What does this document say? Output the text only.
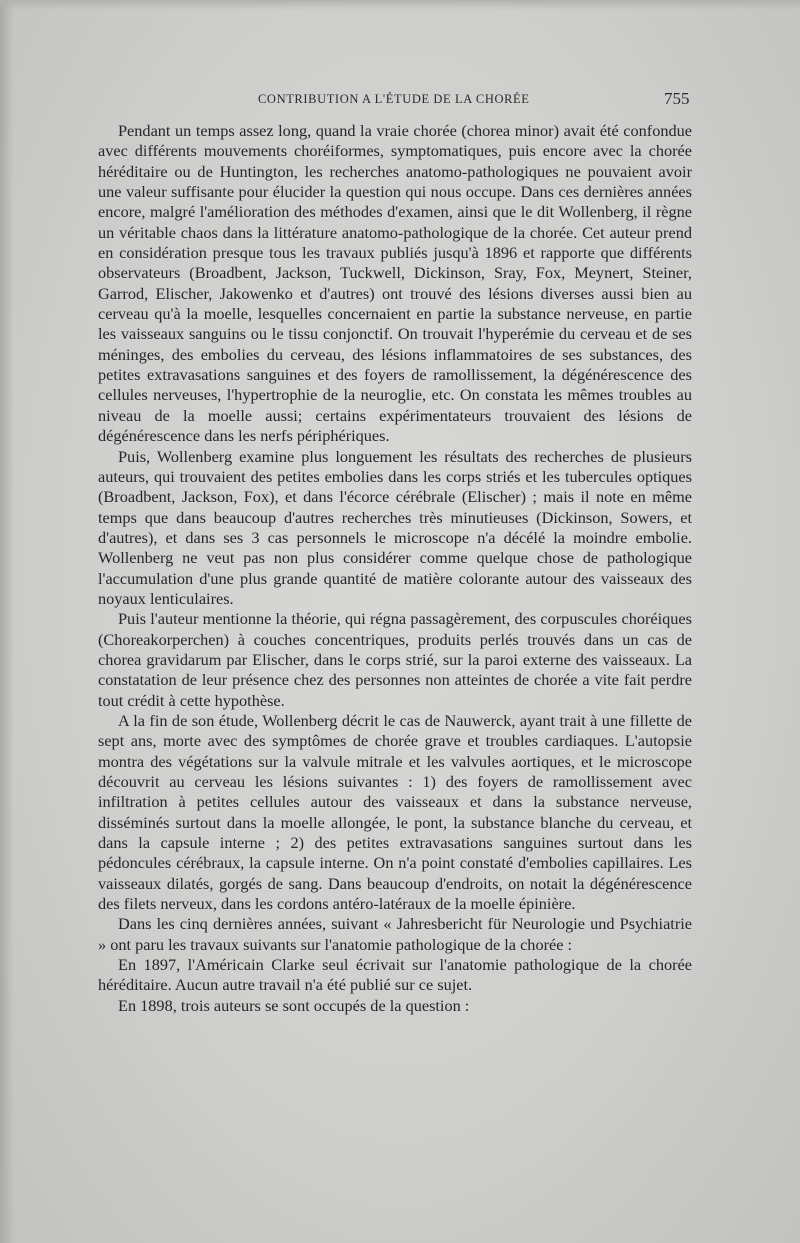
CONTRIBUTION A L'ÉTUDE DE LA CHORÉE	755

Pendant un temps assez long, quand la vraie chorée (chorea minor) avait été confondue avec différents mouvements choréiformes, symptomatiques, puis encore avec la chorée héréditaire ou de Huntington, les recherches anatomo-pathologiques ne pouvaient avoir une valeur suffisante pour élucider la question qui nous occupe. Dans ces dernières années encore, malgré l'amélioration des méthodes d'examen, ainsi que le dit Wollenberg, il règne un véritable chaos dans la littérature anatomo-pathologique de la chorée. Cet auteur prend en considération presque tous les travaux publiés jusqu'à 1896 et rapporte que différents observateurs (Broadbent, Jackson, Tuckwell, Dickinson, Sray, Fox, Meynert, Steiner, Garrod, Elischer, Jakowenko et d'autres) ont trouvé des lésions diverses aussi bien au cerveau qu'à la moelle, lesquelles concernaient en partie la substance nerveuse, en partie les vaisseaux sanguins ou le tissu conjonctif. On trouvait l'hyperémie du cerveau et de ses méninges, des embolies du cerveau, des lésions inflammatoires de ses substances, des petites extravasations sanguines et des foyers de ramollissement, la dégénérescence des cellules nerveuses, l'hypertrophie de la neuroglie, etc. On constata les mêmes troubles au niveau de la moelle aussi; certains expérimentateurs trouvaient des lésions de dégénérescence dans les nerfs périphériques.

Puis, Wollenberg examine plus longuement les résultats des recherches de plusieurs auteurs, qui trouvaient des petites embolies dans les corps striés et les tubercules optiques (Broadbent, Jackson, Fox), et dans l'écorce cérébrale (Elischer) ; mais il note en même temps que dans beaucoup d'autres recherches très minutieuses (Dickinson, Sowers, et d'autres), et dans ses 3 cas personnels le microscope n'a décélé la moindre embolie. Wollenberg ne veut pas non plus considérer comme quelque chose de pathologique l'accumulation d'une plus grande quantité de matière colorante autour des vaisseaux des noyaux lenticulaires.

Puis l'auteur mentionne la théorie, qui régna passagèrement, des corpuscules choréiques (Choreakorperchen) à couches concentriques, produits perlés trouvés dans un cas de chorea gravidarum par Elischer, dans le corps strié, sur la paroi externe des vaisseaux. La constatation de leur présence chez des personnes non atteintes de chorée a vite fait perdre tout crédit à cette hypothèse.

A la fin de son étude, Wollenberg décrit le cas de Nauwerck, ayant trait à une fillette de sept ans, morte avec des symptômes de chorée grave et troubles cardiaques. L'autopsie montra des végétations sur la valvule mitrale et les valvules aortiques, et le microscope découvrit au cerveau les lésions suivantes : 1) des foyers de ramollissement avec infiltration à petites cellules autour des vaisseaux et dans la substance nerveuse, disséminés surtout dans la moelle allongée, le pont, la substance blanche du cerveau, et dans la capsule interne ; 2) des petites extravasations sanguines surtout dans les pédoncules cérébraux, la capsule interne. On n'a point constaté d'embolies capillaires. Les vaisseaux dilatés, gorgés de sang. Dans beaucoup d'endroits, on notait la dégénérescence des filets nerveux, dans les cordons antéro-latéraux de la moelle épinière.

Dans les cinq dernières années, suivant « Jahresbericht für Neurologie und Psychiatrie » ont paru les travaux suivants sur l'anatomie pathologique de la chorée :

En 1897, l'Américain Clarke seul écrivait sur l'anatomie pathologique de la chorée héréditaire. Aucun autre travail n'a été publié sur ce sujet.

En 1898, trois auteurs se sont occupés de la question :
